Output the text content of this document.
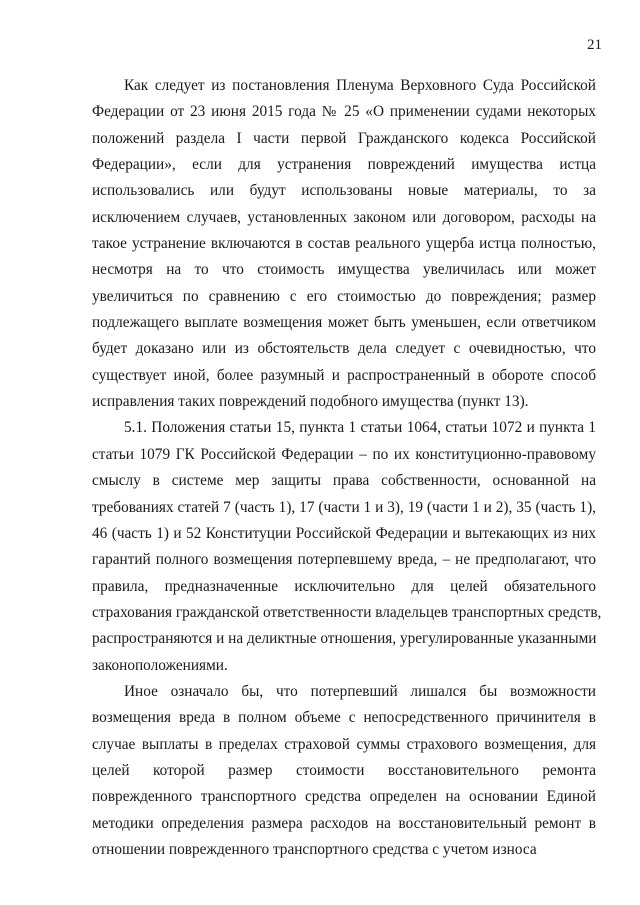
21
Как следует из постановления Пленума Верховного Суда Российской
Федерации от 23 июня 2015 года № 25 «О применении судами некоторых
положений раздела I части первой Гражданского кодекса Российской
Федерации», если для устранения повреждений имущества истца
использовались или будут использованы новые материалы, то за
исключением случаев, установленных законом или договором, расходы на
такое устранение включаются в состав реального ущерба истца полностью,
несмотря на то что стоимость имущества увеличилась или может
увеличиться по сравнению с его стоимостью до повреждения; размер
подлежащего выплате возмещения может быть уменьшен, если ответчиком
будет доказано или из обстоятельств дела следует с очевидностью, что
существует иной, более разумный и распространенный в обороте способ
исправления таких повреждений подобного имущества (пункт 13).
5.1. Положения статьи 15, пункта 1 статьи 1064, статьи 1072 и пункта 1
статьи 1079 ГК Российской Федерации – по их конституционно-правовому
смыслу в системе мер защиты права собственности, основанной на
требованиях статей 7 (часть 1), 17 (части 1 и 3), 19 (части 1 и 2), 35 (часть 1),
46 (часть 1) и 52 Конституции Российской Федерации и вытекающих из них
гарантий полного возмещения потерпевшему вреда, – не предполагают, что
правила, предназначенные исключительно для целей обязательного
страхования гражданской ответственности владельцев транспортных средств,
распространяются и на деликтные отношения, урегулированные указанными
законоположениями.
Иное означало бы, что потерпевший лишался бы возможности
возмещения вреда в полном объеме с непосредственного причинителя в
случае выплаты в пределах страховой суммы страхового возмещения, для
целей которой размер стоимости восстановительного ремонта
поврежденного транспортного средства определен на основании Единой
методики определения размера расходов на восстановительный ремонт в
отношении поврежденного транспортного средства с учетом износа
